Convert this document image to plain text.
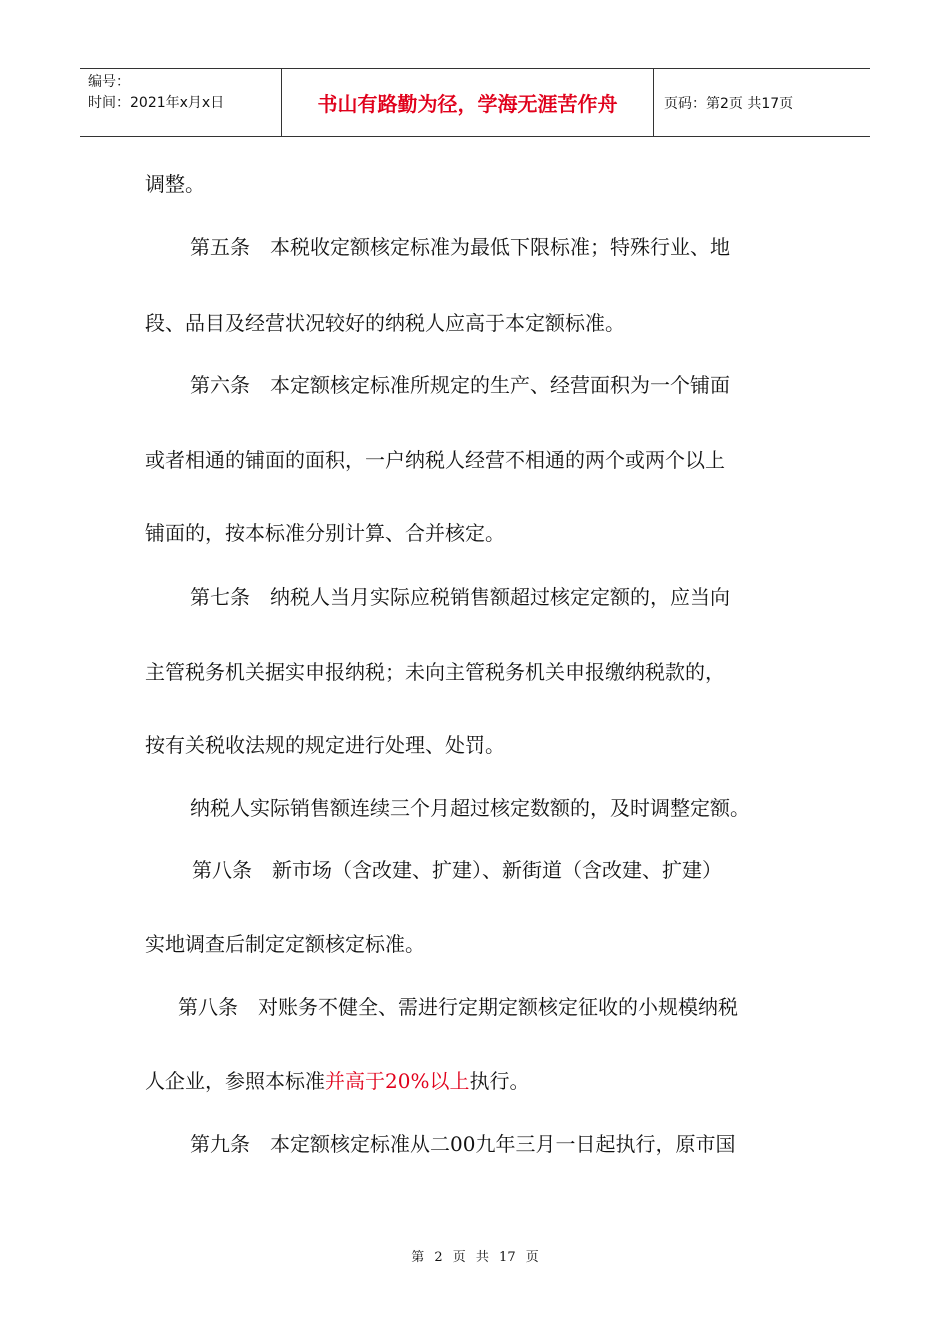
编号：
时间：2021年x月x日	书山有路勤为径，学海无涯苦作舟	页码：第2页 共17页
调整。
第五条　本税收定额核定标准为最低下限标准；特殊行业、地
段、品目及经营状况较好的纳税人应高于本定额标准。
第六条　本定额核定标准所规定的生产、经营面积为一个铺面
或者相通的铺面的面积，一户纳税人经营不相通的两个或两个以上
铺面的，按本标准分别计算、合并核定。
第七条　纳税人当月实际应税销售额超过核定定额的，应当向
主管税务机关据实申报纳税；未向主管税务机关申报缴纳税款的，
按有关税收法规的规定进行处理、处罚。
纳税人实际销售额连续三个月超过核定数额的，及时调整定额。
第八条　新市场（含改建、扩建）、新街道（含改建、扩建）
实地调查后制定定额核定标准。
第八条　对账务不健全、需进行定期定额核定征收的小规模纳税
人企业，参照本标准并高于20%以上执行。
第九条　本定额核定标准从二00九年三月一日起执行，原市国
第 2 页 共 17 页
